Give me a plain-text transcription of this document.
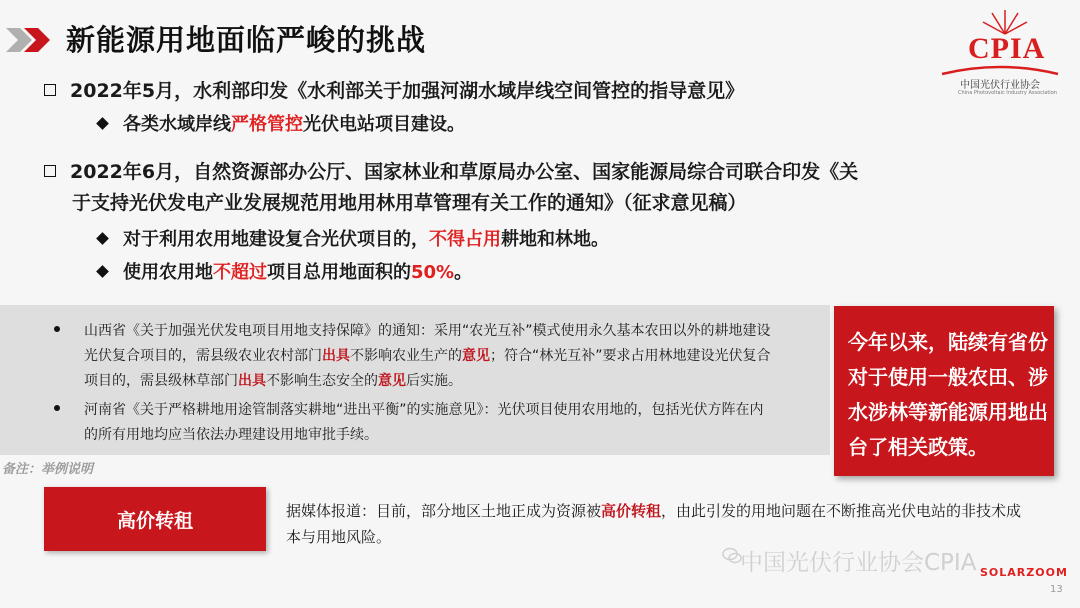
新能源用地面临严峻的挑战	CPIA
中国光伏行业协会
China Photovoltaic Industry Association
2022年5月，水利部印发《水利部关于加强河湖水域岸线空间管控的指导意见》
各类水域岸线严格管控光伏电站项目建设。
2022年6月，自然资源部办公厅、国家林业和草原局办公室、国家能源局综合司联合印发《关
于支持光伏发电产业发展规范用地用林用草管理有关工作的通知》（征求意见稿）
对于利用农用地建设复合光伏项目的，不得占用耕地和林地。
使用农用地不超过项目总用地面积的50%。
山西省《关于加强光伏发电项目用地支持保障》的通知：采用“农光互补”模式使用永久基本农田以外的耕地建设
光伏复合项目的，需县级农业农村部门出具不影响农业生产的意见；符合“林光互补”要求占用林地建设光伏复合
项目的，需县级林草部门出具不影响生态安全的意见后实施。
河南省《关于严格耕地用途管制落实耕地“进出平衡”的实施意见》：光伏项目使用农用地的，包括光伏方阵在内
的所有用地均应当依法办理建设用地审批手续。
备注：举例说明
今年以来，陆续有省份
对于使用一般农田、涉
水涉林等新能源用地出
台了相关政策。
高价转租	据媒体报道：目前，部分地区土地正成为资源被高价转租，由此引发的用地问题在不断推高光伏电站的非技术成
本与用地风险。
中国光伏行业协会CPIA SOLARZOOM
13
